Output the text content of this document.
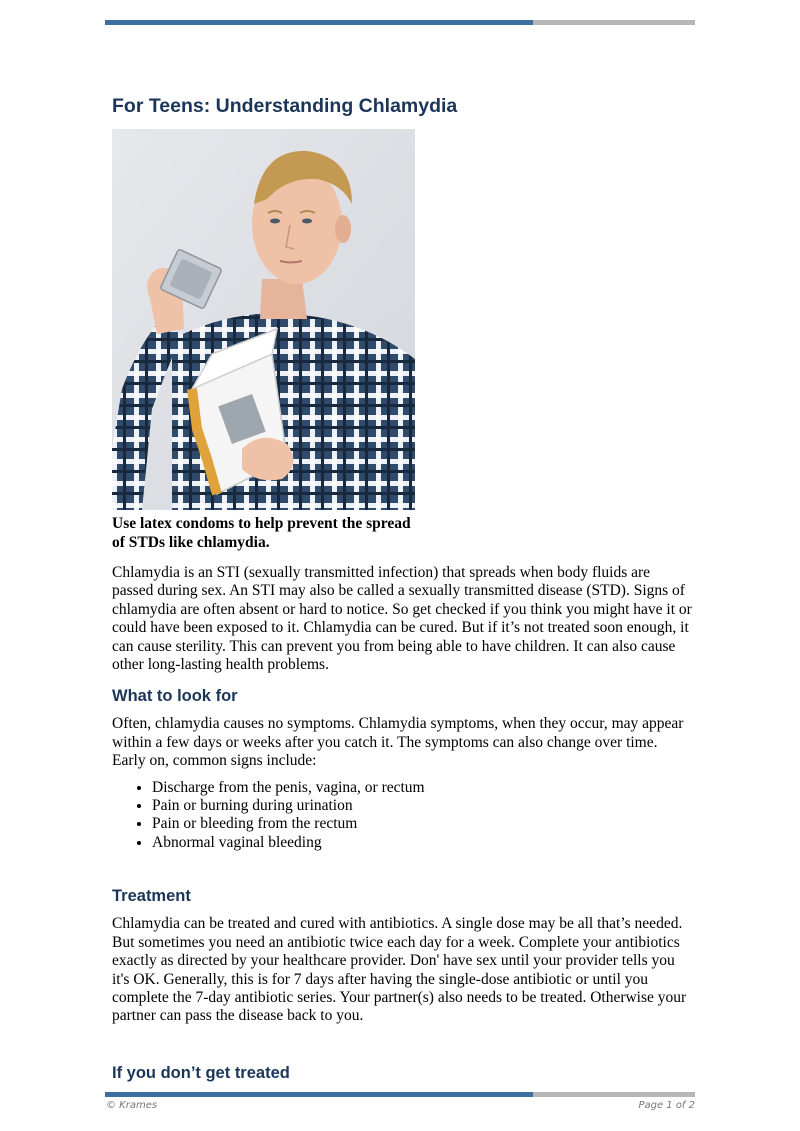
For Teens: Understanding Chlamydia
Use latex condoms to help prevent the spread of STDs like chlamydia.

Chlamydia is an STI (sexually transmitted infection) that spreads when body fluids are passed during sex. An STI may also be called a sexually transmitted disease (STD). Signs of chlamydia are often absent or hard to notice. So get checked if you think you might have it or could have been exposed to it. Chlamydia can be cured. But if it’s not treated soon enough, it can cause sterility. This can prevent you from being able to have children. It can also cause other long-lasting health problems.

What to look for

Often, chlamydia causes no symptoms. Chlamydia symptoms, when they occur, may appear within a few days or weeks after you catch it. The symptoms can also change over time. Early on, common signs include:

• Discharge from the penis, vagina, or rectum
• Pain or burning during urination
• Pain or bleeding from the rectum
• Abnormal vaginal bleeding
Treatment

Chlamydia can be treated and cured with antibiotics. A single dose may be all that’s needed. But sometimes you need an antibiotic twice each day for a week. Complete your antibiotics exactly as directed by your healthcare provider. Don' have sex until your provider tells you it's OK. Generally, this is for 7 days after having the single-dose antibiotic or until you complete the 7-day antibiotic series. Your partner(s) also needs to be treated. Otherwise your partner can pass the disease back to you.

If you don’t get treated
© Krames	Page 1 of 2
